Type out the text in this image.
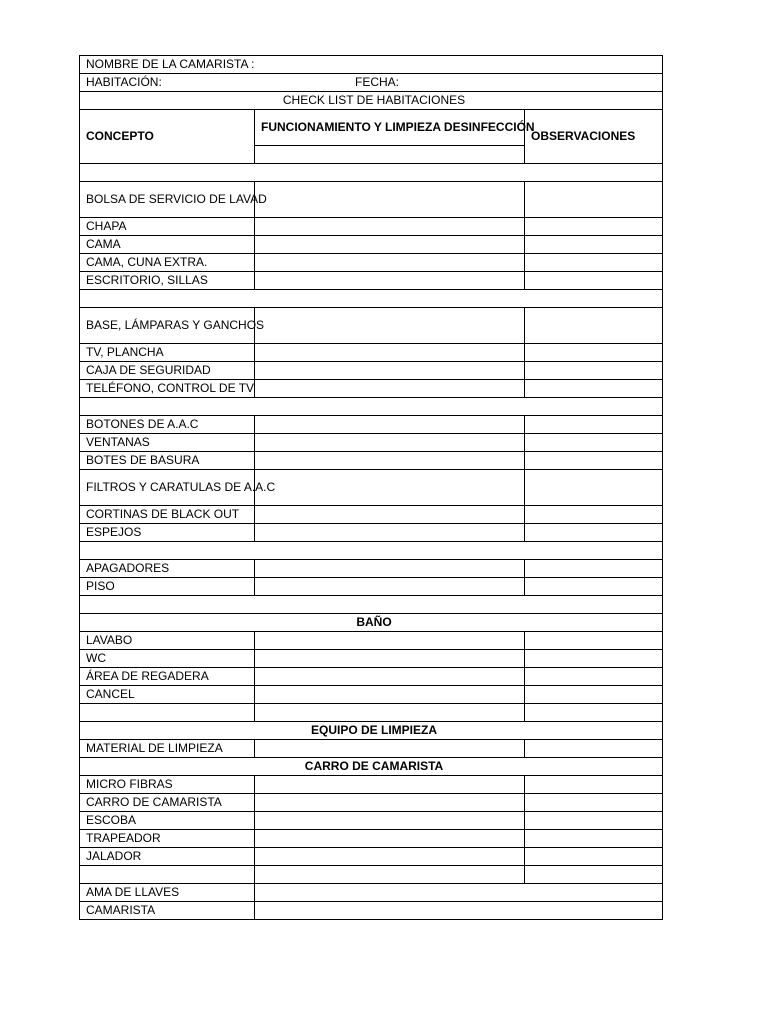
NOMBRE DE LA CAMARISTA :		
HABITACIÓN: FECHA:		
CHECK LIST DE HABITACIONES		
CONCEPTO	FUNCIONAMIENTO Y LIMPIEZA DESINFECCIÓN	OBSERVACIONES

BOLSA DE SERVICIO DE LAVAD		
CHAPA		
CAMA		
CAMA, CUNA EXTRA.		
ESCRITORIO, SILLAS		

BASE, LÁMPARAS Y GANCHOS		
TV, PLANCHA		
CAJA DE SEGURIDAD		
TELÉFONO, CONTROL DE TV		

BOTONES DE A.A.C		
VENTANAS		
BOTES DE BASURA		
FILTROS Y CARATULAS DE A.A.C		
CORTINAS DE BLACK OUT		
ESPEJOS		

APAGADORES		
PISO		

BAÑO		
LAVABO		
WC		
ÁREA DE REGADERA		
CANCEL		

EQUIPO DE LIMPIEZA		
MATERIAL DE LIMPIEZA		
CARRO DE CAMARISTA		
MICRO FIBRAS		
CARRO DE CAMARISTA		
ESCOBA		
TRAPEADOR		
JALADOR		

AMA DE LLAVES		
CAMARISTA		
